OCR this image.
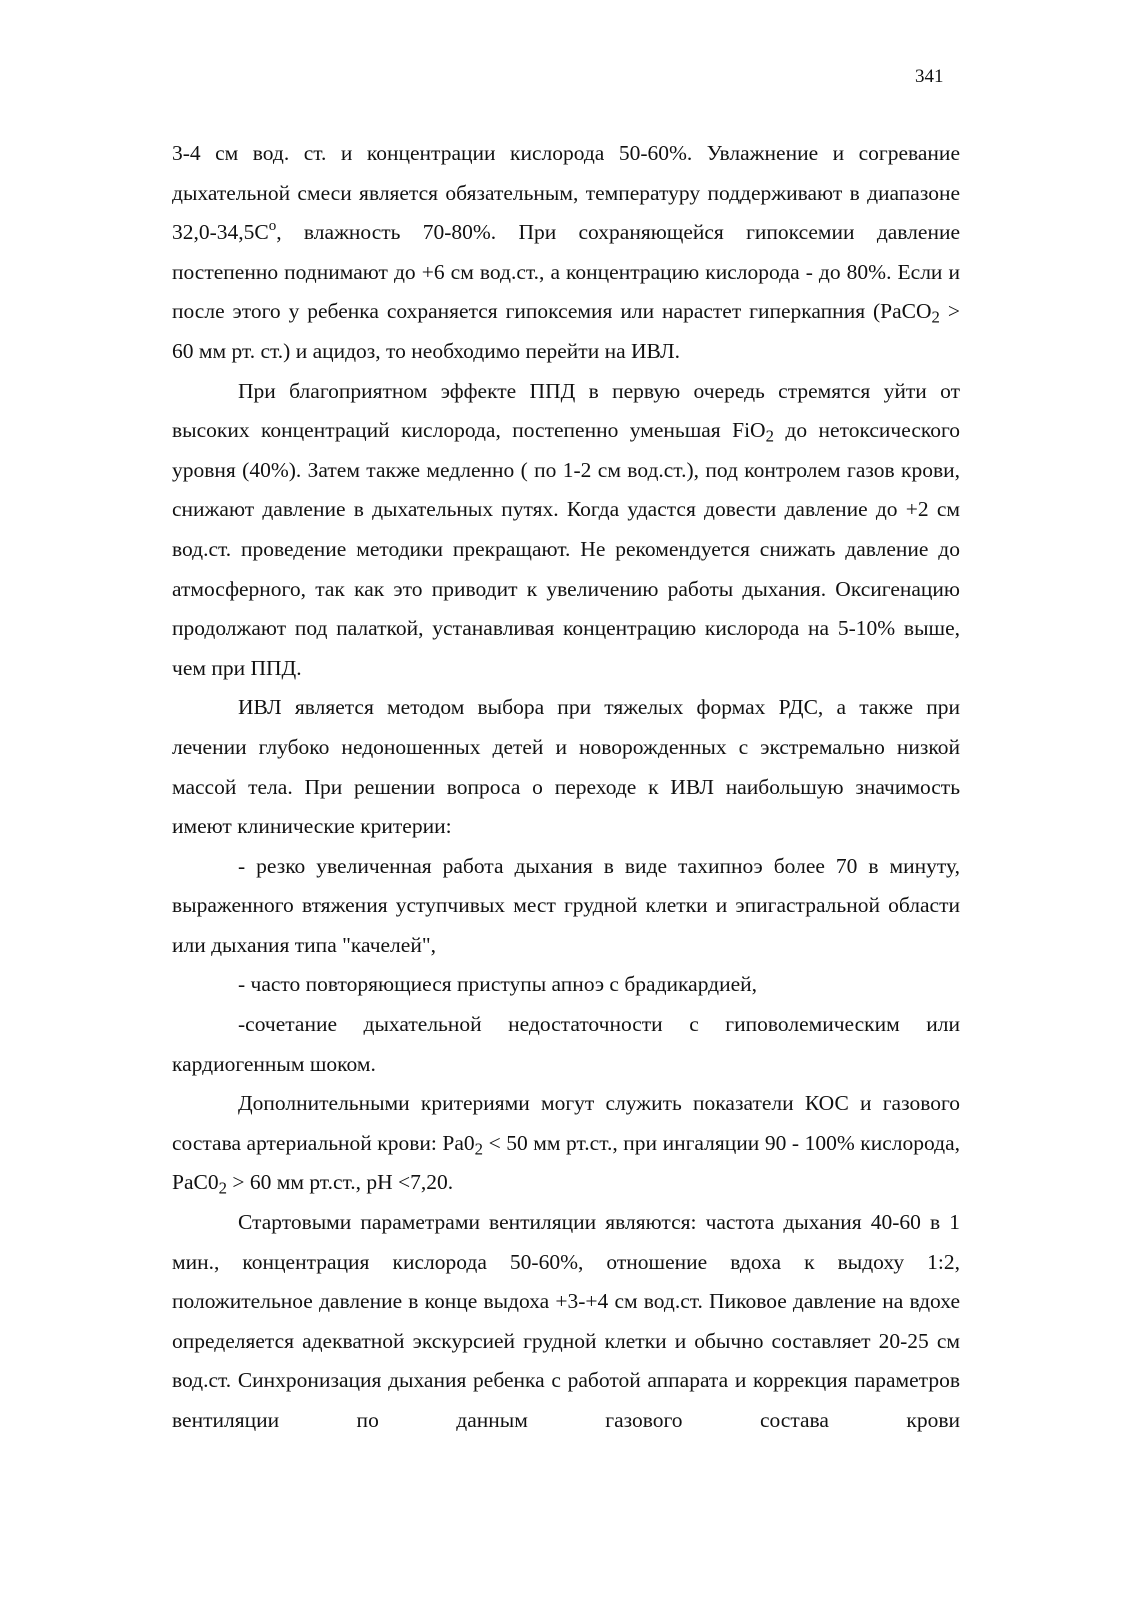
341

3-4 см вод. ст. и концентрации кислорода 50-60%. Увлажнение и согревание дыхательной смеси является обязательным, температуру поддерживают в диапазоне $32,0-34,5С^о$, влажность 70-80%. При сохраняющейся гипоксемии давление постепенно поднимают до +6 см вод.ст., а концентрацию кислорода - до 80%. Если и после этого у ребенка сохраняется гипоксемия или нарастет гиперкапния (PaCO$_2$ > 60 мм рт. ст.) и ацидоз, то необходимо перейти на ИВЛ.

При благоприятном эффекте ППД в первую очередь стремятся уйти от высоких концентраций кислорода, постепенно уменьшая FiO$_2$ до нетоксического уровня (40%). Затем также медленно ( по 1-2 см вод.ст.), под контролем газов крови, снижают давление в дыхательных путях. Когда удастся довести давление до +2 см вод.ст. проведение методики прекращают. Не рекомендуется снижать давление до атмосферного, так как это приводит к увеличению работы дыхания. Оксигенацию продолжают под палаткой, устанавливая концентрацию кислорода на 5-10% выше, чем при ППД.

ИВЛ является методом выбора при тяжелых формах РДС, а также при лечении глубоко недоношенных детей и новорожденных с экстремально низкой массой тела. При решении вопроса о переходе к ИВЛ наибольшую значимость имеют клинические критерии:

- резко увеличенная работа дыхания в виде тахипноэ более 70 в минуту, выраженного втяжения уступчивых мест грудной клетки и эпигастральной области или дыхания типа "качелей",

- часто повторяющиеся приступы апноэ с брадикардией,

-сочетание дыхательной недостаточности с гиповолемическим или кардиогенным шоком.

Дополнительными критериями могут служить показатели КОС и газового состава артериальной крови: $Pa0_2 < 50$ мм рт.ст., при ингаляции 90 - 100% кислорода, $PaC0_2 > 60$ мм рт.ст., pH <7,20.

Стартовыми параметрами вентиляции являются: частота дыхания 40-60 в 1 мин., концентрация кислорода 50-60%, отношение вдоха к выдоху 1:2, положительное давление в конце выдоха +3-+4 см вод.ст. Пиковое давление на вдохе определяется адекватной экскурсией грудной клетки и обычно составляет 20-25 см вод.ст. Синхронизация дыхания ребенка с работой аппарата и коррекция параметров вентиляции по данным газового состава крови
